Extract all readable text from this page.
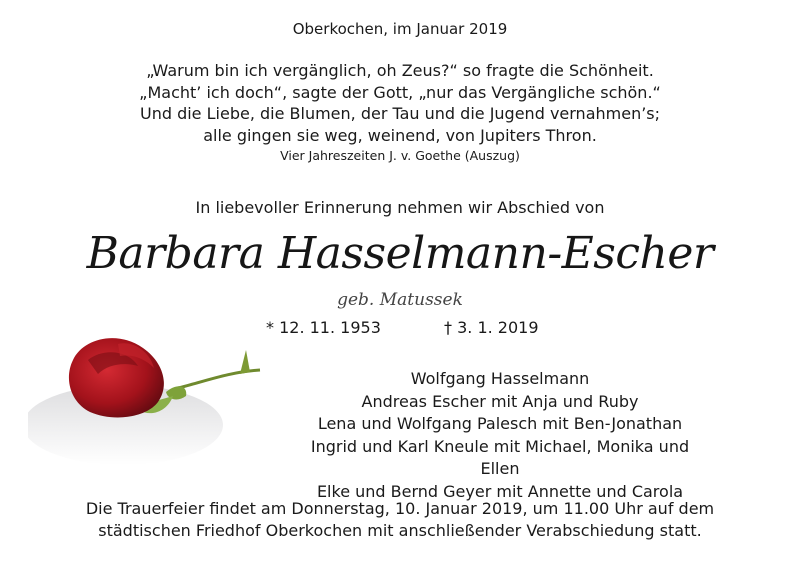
Oberkochen, im Januar 2019
„Warum bin ich vergänglich, oh Zeus?“ so fragte die Schönheit.
„Macht’ ich doch“, sagte der Gott, „nur das Vergängliche schön.“
Und die Liebe, die Blumen, der Tau und die Jugend vernahmen’s;
alle gingen sie weg, weinend, von Jupiters Thron.
Vier Jahreszeiten J. v. Goethe (Auszug)
In liebevoller Erinnerung nehmen wir Abschied von
Barbara Hasselmann-Escher
geb. Matussek
* 12. 11. 1953	† 3. 1. 2019
Wolfgang Hasselmann
Andreas Escher mit Anja und Ruby
Lena und Wolfgang Palesch mit Ben-Jonathan
Ingrid und Karl Kneule mit Michael, Monika und Ellen
Elke und Bernd Geyer mit Annette und Carola
Die Trauerfeier findet am Donnerstag, 10. Januar 2019, um 11.00 Uhr auf dem
städtischen Friedhof Oberkochen mit anschließender Verabschiedung statt.
